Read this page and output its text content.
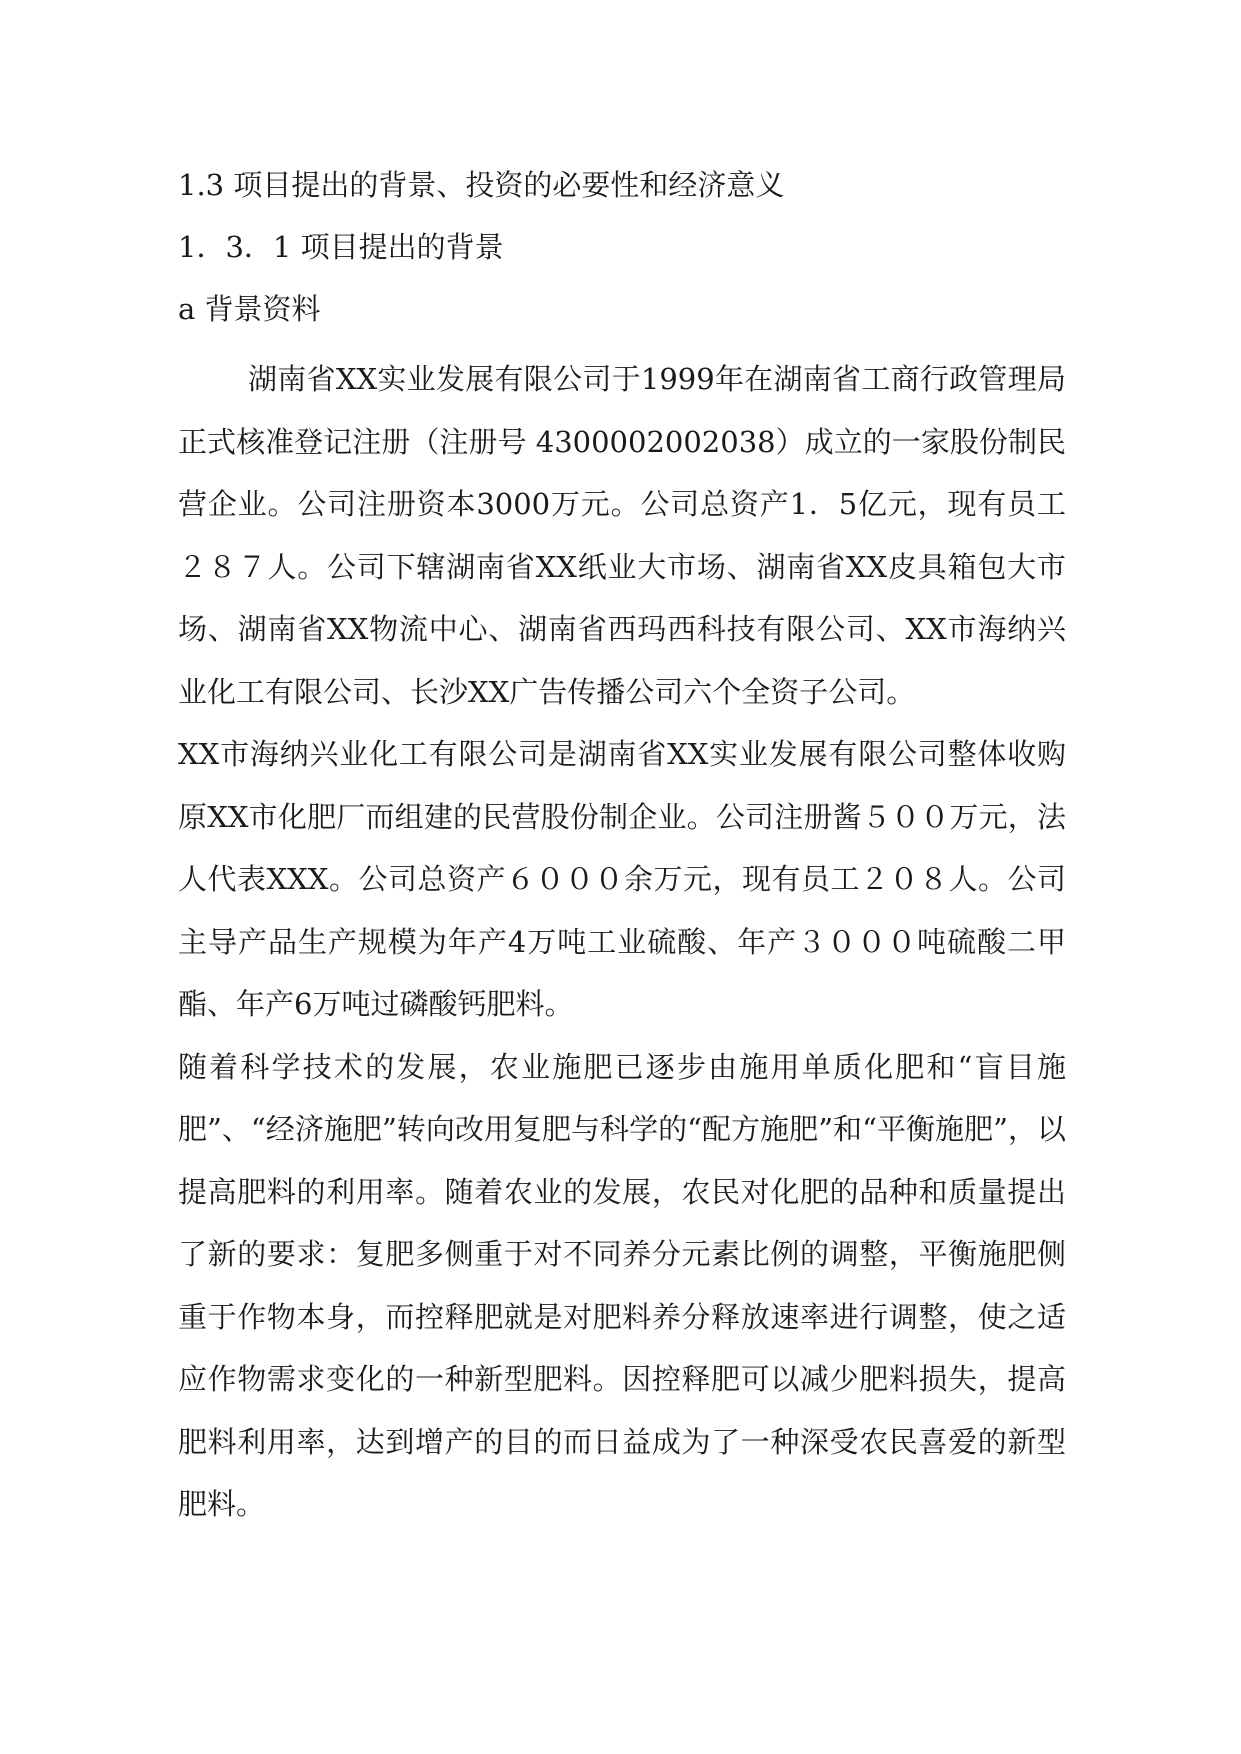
1.3 项目提出的背景、投资的必要性和经济意义

1．3．1 项目提出的背景

a 背景资料

湖南省XX实业发展有限公司于1999年在湖南省工商行政管理局正式核准登记注册（注册号 4300002002038）成立的一家股份制民营企业。公司注册资本3000万元。公司总资产1．5亿元，现有员工２８７人。公司下辖湖南省XX纸业大市场、湖南省XX皮具箱包大市场、湖南省XX物流中心、湖南省西玛西科技有限公司、XX市海纳兴业化工有限公司、长沙XX广告传播公司六个全资子公司。

XX市海纳兴业化工有限公司是湖南省XX实业发展有限公司整体收购原XX市化肥厂而组建的民营股份制企业。公司注册酱５００万元，法人代表XXX。公司总资产６０００余万元，现有员工２０８人。公司主导产品生产规模为年产4万吨工业硫酸、年产３０００吨硫酸二甲酯、年产6万吨过磷酸钙肥料。

随着科学技术的发展，农业施肥已逐步由施用单质化肥和“盲目施肥”、“经济施肥”转向改用复肥与科学的“配方施肥”和“平衡施肥”，以提高肥料的利用率。随着农业的发展，农民对化肥的品种和质量提出了新的要求：复肥多侧重于对不同养分元素比例的调整，平衡施肥侧重于作物本身，而控释肥就是对肥料养分释放速率进行调整，使之适应作物需求变化的一种新型肥料。因控释肥可以减少肥料损失，提高肥料利用率，达到增产的目的而日益成为了一种深受农民喜爱的新型肥料。
